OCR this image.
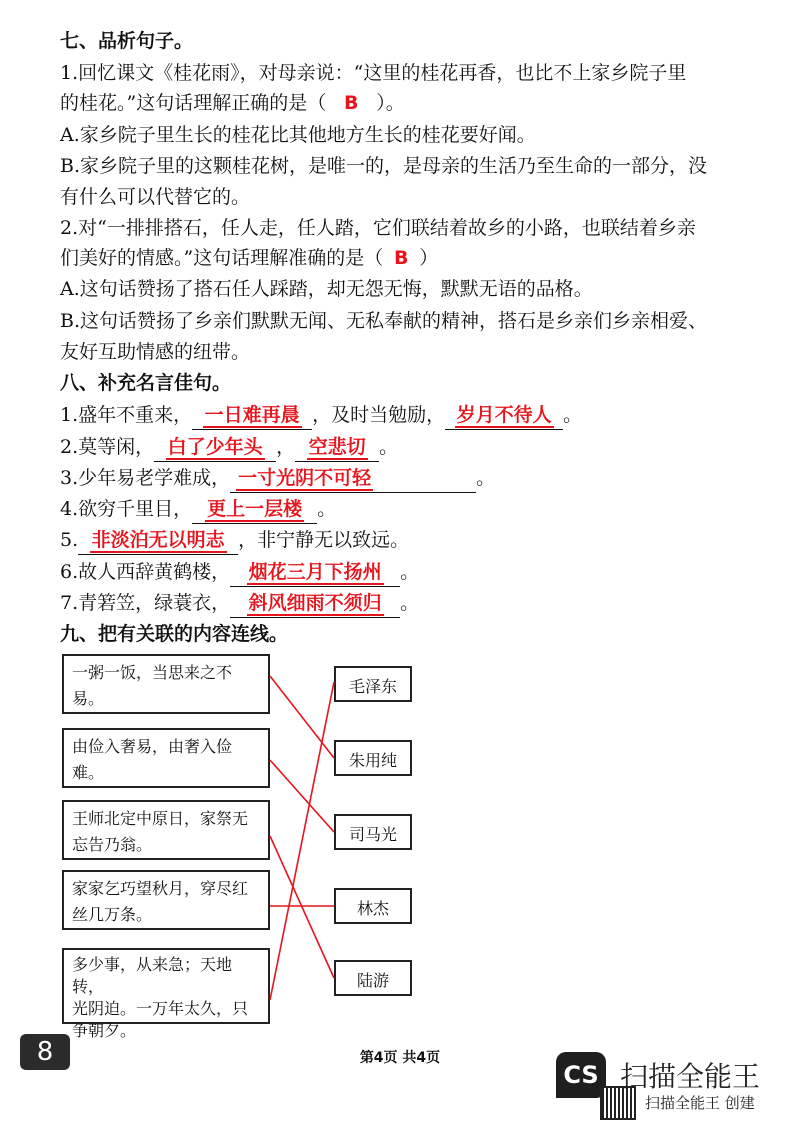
七、品析句子。
1.回忆课文《桂花雨》，对母亲说：“这里的桂花再香，也比不上家乡院子里
的桂花。”这句话理解正确的是（ B ）。
A.家乡院子里生长的桂花比其他地方生长的桂花要好闻。
B.家乡院子里的这颗桂花树，是唯一的，是母亲的生活乃至生命的一部分，没
有什么可以代替它的。
2.对“一排排搭石，任人走，任人踏，它们联结着故乡的小路，也联结着乡亲
们美好的情感。”这句话理解准确的是（ B ）
A.这句话赞扬了搭石任人踩踏，却无怨无悔，默默无语的品格。
B.这句话赞扬了乡亲们默默无闻、无私奉献的精神，搭石是乡亲们乡亲相爱、
友好互助情感的纽带。
八、补充名言佳句。
1.盛年不重来， 一日难再晨 ，及时当勉励， 岁月不待人 。
2.莫等闲， 白了少年头 ， 空悲切 。
3.少年易老学难成， 一寸光阴不可轻	。
4.欲穷千里目， 更上一层楼 。
5. 非淡泊无以明志 ，非宁静无以致远。
6.故人西辞黄鹤楼， 烟花三月下扬州 。
7.青箬笠，绿蓑衣， 斜风细雨不须归 。
九、把有关联的内容连线。
一粥一饭，当思来之不
易。
由俭入奢易，由奢入俭
难。
王师北定中原日，家祭无
忘告乃翁。
家家乞巧望秋月，穿尽红
丝几万条。
多少事，从来急；天地转，
光阴迫。一万年太久，只
争朝夕。
毛泽东
朱用纯
司马光
林杰
陆游
8	第4页 共4页
CS 扫描全能王
扫描全能王 创建
